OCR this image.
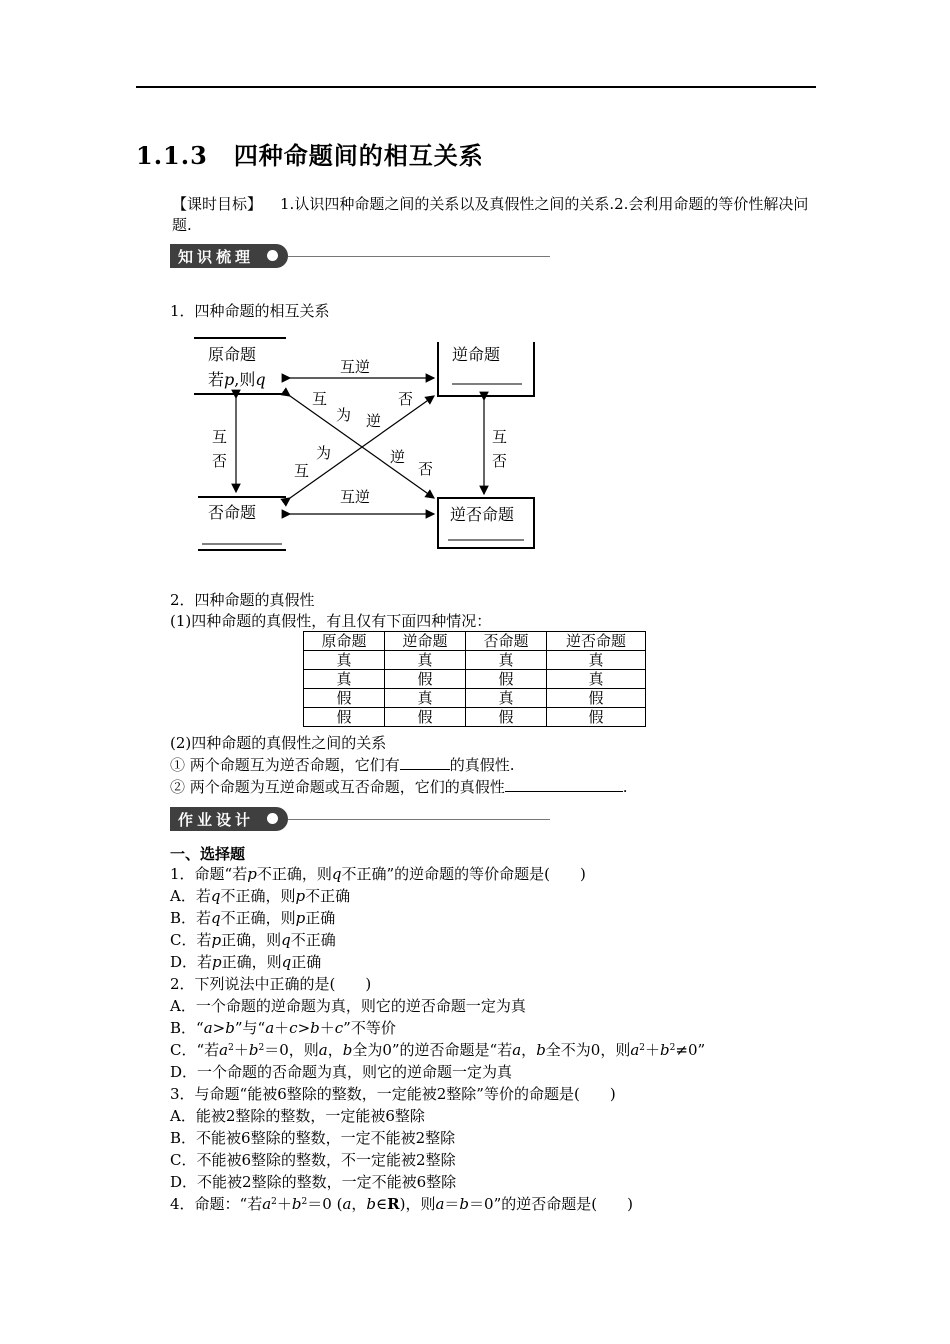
1.1.3 四种命题间的相互关系
【课时目标】 1.认识四种命题之间的关系以及真假性之间的关系.2.会利用命题的等价性解决问题.
知识梳理
1．四种命题的相互关系
原命题
若p,则q
逆命题
否命题	逆否命题
互逆
互逆
互
否
互
否
互
为
逆
否
互
为
逆
否
2．四种命题的真假性
(1)四种命题的真假性，有且仅有下面四种情况：
原命题	逆命题	否命题	逆否命题
真	真	真	真
真	假	假	真
假	真	真	假
假	假	假	假
(2)四种命题的真假性之间的关系
① 两个命题互为逆否命题，它们有	的真假性.
② 两个命题为互逆命题或互否命题，它们的真假性	.
作业设计
一、选择题
1．命题“若p不正确，则q不正确”的逆命题的等价命题是(　　)
A．若q不正确，则p不正确
B．若q不正确，则p正确
C．若p正确，则q不正确
D．若p正确，则q正确
2．下列说法中正确的是(　　)
A．一个命题的逆命题为真，则它的逆否命题一定为真
B．“a>b”与“a＋c>b＋c”不等价
C．“若$a^2+b^2=0$，则a，b全为0”的逆否命题是“若a，b全不为0，则$a^2+b^2\ne 0$”
D．一个命题的否命题为真，则它的逆命题一定为真
3．与命题“能被6整除的整数，一定能被2整除”等价的命题是(　　)
A．能被2整除的整数，一定能被6整除
B．不能被6整除的整数，一定不能被2整除
C．不能被6整除的整数，不一定能被2整除
D．不能被2整除的整数，一定不能被6整除
4．命题：“若$a^2+b^2=0$ (a，b∈R)，则a＝b＝0”的逆否命题是(　　)
